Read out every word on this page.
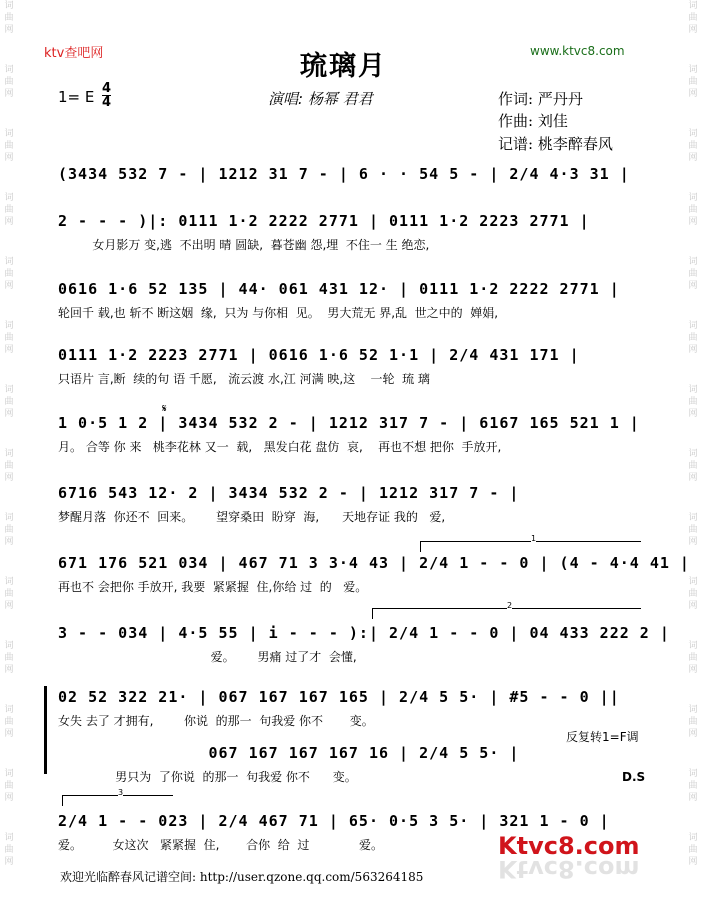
词
曲
网
词
曲
网
词
曲
网
词
曲
网
词
曲
网
词
曲
网
词
曲
网
词
曲
网
词
曲
网
词
曲
网
词
曲
网
词
曲
网
词
曲
网
词
曲
网
词
曲
网
词
曲
网
词
曲
网
词
曲
网
词
曲
网
词
曲
网
词
曲
网
词
曲
网
词
曲
网
词
曲
网
词
曲
网
词
曲
网
词
曲
网
词
曲
网
ktv查吧网	www.ktvc8.com
琉璃月
1= E 4
4	演唱: 杨幂 君君	作词: 严丹丹
作曲: 刘佳
记谱: 桃李醉春风
(3434 532 7 - | 1212 31 7 - | 6 · · 54 5 - | 2/4 4·3 31 |
2 - - - )|: 0111 1·2 2222 2771 | 0111 1·2 2223 2771 |
女月影万 变,逃  不出明 晴 圆缺,  暮苍幽 怨,埋  不住一 生 绝恋,
0616 1·6 52 135 | 44· 061 431 12· | 0111 1·2 2222 2771 |
轮回千 载,也 斩不 断这姻  缘,  只为 与你相  见。  男大荒无 界,乱  世之中的  婵娟,
0111 1·2 2223 2771 | 0616 1·6 52 1·1 | 2/4 431 171 |
只语片 言,断  续的句 语 千愿,   流云渡 水,江 河满 映,这    一轮  琉 璃
𝄋
1 0·5 1 2 | 3434 532 2 - | 1212 317 7 - | 6167 165 521 1 |
月。 合等 你 来   桃李花林 又一  载,   黑发白花 盘仿  哀,    再也不想 把你  手放开,
6716 543 12· 2 | 3434 532 2 - | 1212 317 7 - |
梦醒月落  你还不  回来。      望穿桑田  盼穿  海,      天地存证 我的   爱,
1
671 176 521 034 | 467 71 3 3·4 43 | 2/4 1 - - 0 | (4 - 4·4 41 |
再也不 会把你 手放开, 我要  紧紧握  住,你给 过  的   爱。
2
3 - - 034 | 4·5 55 | i - - - ):| 2/4 1 - - 0 | 04 433 222 2 |
爱。      男痛 过了才  会懂,
02 52 322 21· | 067 167 167 165 | 2/4 5 5· | #5 - - 0 ||
女失 去了 才拥有,        你说  的那一  句我爱 你不       变。
反复转1=F调
067 167 167 167 16 | 2/4 5 5· |
男只为  了你说  的那一  句我爱 你不      变。	D.S
3
2/4 1 - - 023 | 2/4 467 71 | 65· 0·5 3 5· | 321 1 - 0 |
爱。        女这次   紧紧握  住,       合你  给  过             爱。
欢迎光临醉春风记谱空间: http://user.qzone.qq.com/563264185
Ktvc8.com
Ktvc8.com
